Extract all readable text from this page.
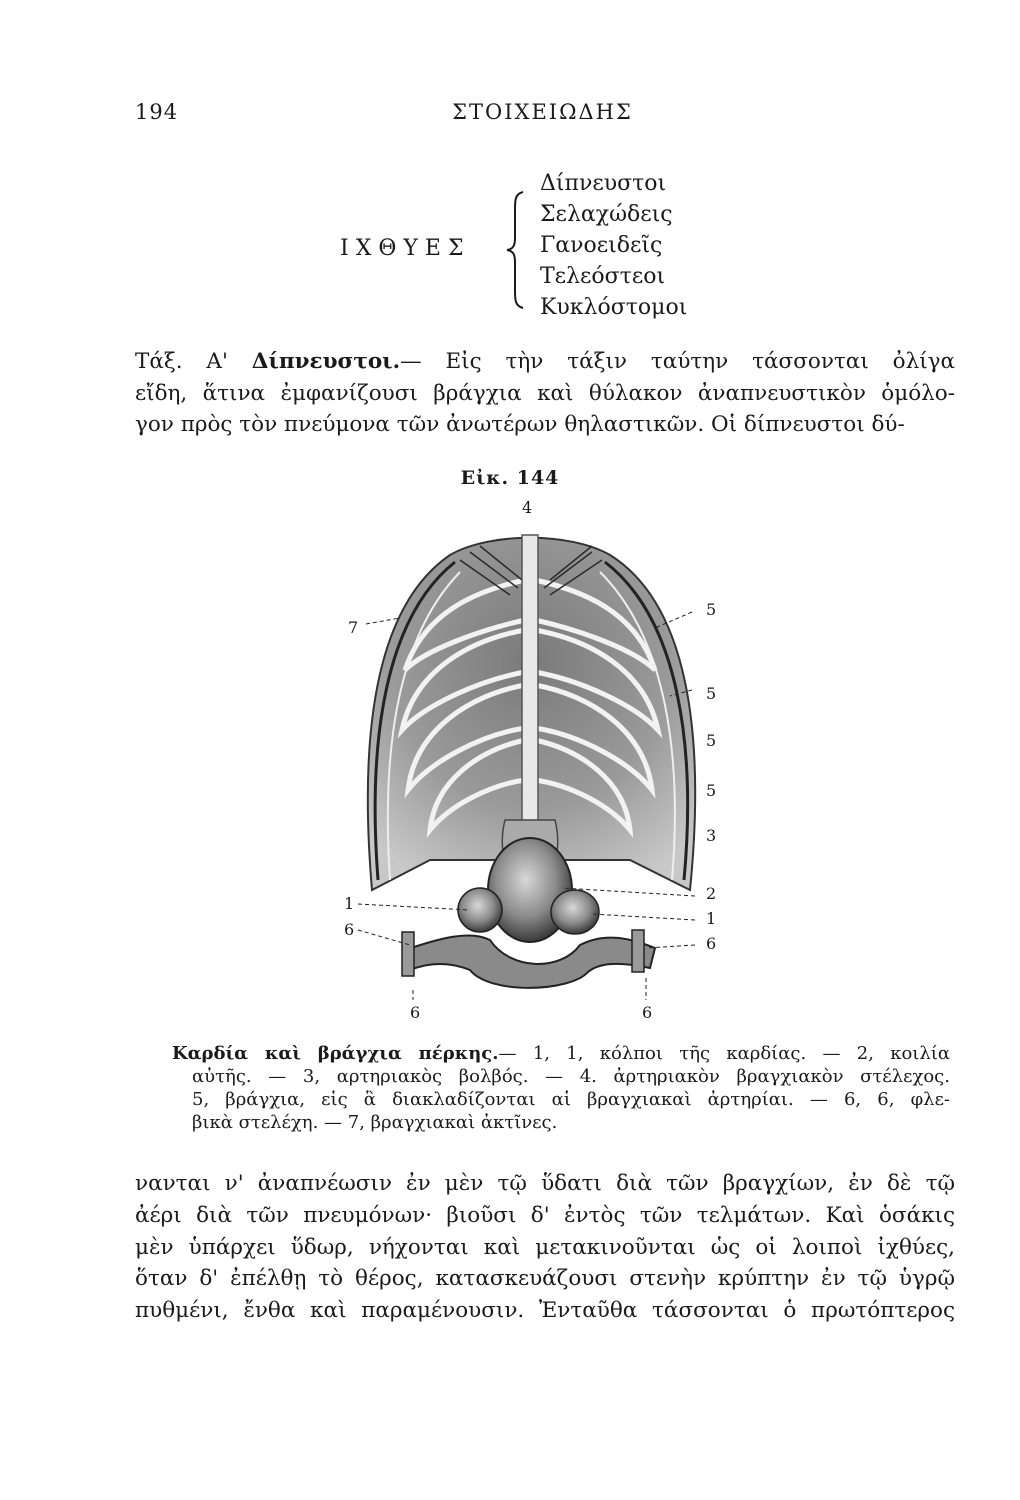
194	ΣΤΟΙΧΕΙΩΔΗΣ
ΙΧΘΥΕΣ
Δίπνευστοι
Σελαχώδεις
Γανοειδεῖς
Τελεόστεοι
Κυκλόστομοι

Τάξ. Α' Δίπνευστοι.— Εἰς τὴν τάξιν ταύτην τάσσονται ὀλίγα
εἴδη, ἅτινα ἐμφανίζουσι βράγχια καὶ θύλακον ἀναπνευστικὸν ὁμόλο-
γον πρὸς τὸν πνεύμονα τῶν ἀνωτέρων θηλαστικῶν. Οἱ δίπνευστοι δύ-

Εἰκ. 144
4
7
5
5
5
5
3
2
1
6
1
6
6	6

Καρδία καὶ βράγχια πέρκης.— 1, 1, κόλποι τῆς καρδίας. — 2, κοιλία
αὐτῆς. — 3, αρτηριακὸς βολβός. — 4. ἀρτηριακὸν βραγχιακὸν στέλεχος.
5, βράγχια, εἰς ἃ διακλαδίζονται αἱ βραγχιακαὶ ἀρτηρίαι. — 6, 6, φλε-
βικὰ στελέχη. — 7, βραγχιακαὶ ἀκτῖνες.

νανται ν' ἀναπνέωσιν ἐν μὲν τῷ ὕδατι διὰ τῶν βραγχίων, ἐν δὲ τῷ
ἀέρι διὰ τῶν πνευμόνων· βιοῦσι δ' ἐντὸς τῶν τελμάτων. Καὶ ὁσάκις
μὲν ὑπάρχει ὕδωρ, νήχονται καὶ μετακινοῦνται ὡς οἱ λοιποὶ ἰχθύες,
ὅταν δ' ἐπέλθῃ τὸ θέρος, κατασκευάζουσι στενὴν κρύπτην ἐν τῷ ὑγρῷ
πυθμένι, ἔνθα καὶ παραμένουσιν. Ἐνταῦθα τάσσονται ὁ πρωτόπτερος
